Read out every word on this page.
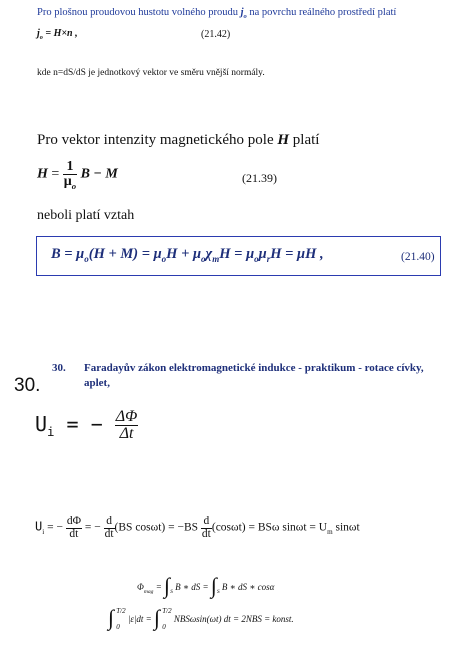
Pro plošnou proudovou hustotu volného proudu $j_o$ na povrchu reálného prostředí platí
$j_o = H\times n$ ,	(21.42)
kde n=dS/dS je jednotkový vektor ve směru vnější normály.
Pro vektor intenzity magnetického pole H platí
$H = \frac{1}{\mu_o}$ B − M	(21.39)
neboli platí vztah
$B = \mu_o(H + M) = \mu_oH + \mu_o\chi_mH = \mu_o\mu_rH = \mu H$ ,	(21.40)
30. Faradayův zákon elektromagnetické indukce - praktikum - rotace cívky,
aplet,
30.
$U_i$ = − $\frac{\Delta\Phi}{\Delta t}$
$U_i$ = − $\frac{d\Phi}{dt}$ = − $\frac{d}{dt} (BS$ $\cos\omega t) = -BS \frac{d}{dt} (\cos\omega t) = BS\omega$ $\sin\omega t = U_m$ sinωt
$\Phi_{mag} = \int_S$ B ∗ dS = $\int_S$ B ∗ dS ∗ cosα
∫ T/2
0
|ε|dt = ∫ T/2
0
NBSωsin(ωt) dt = 2NBS = konst.
